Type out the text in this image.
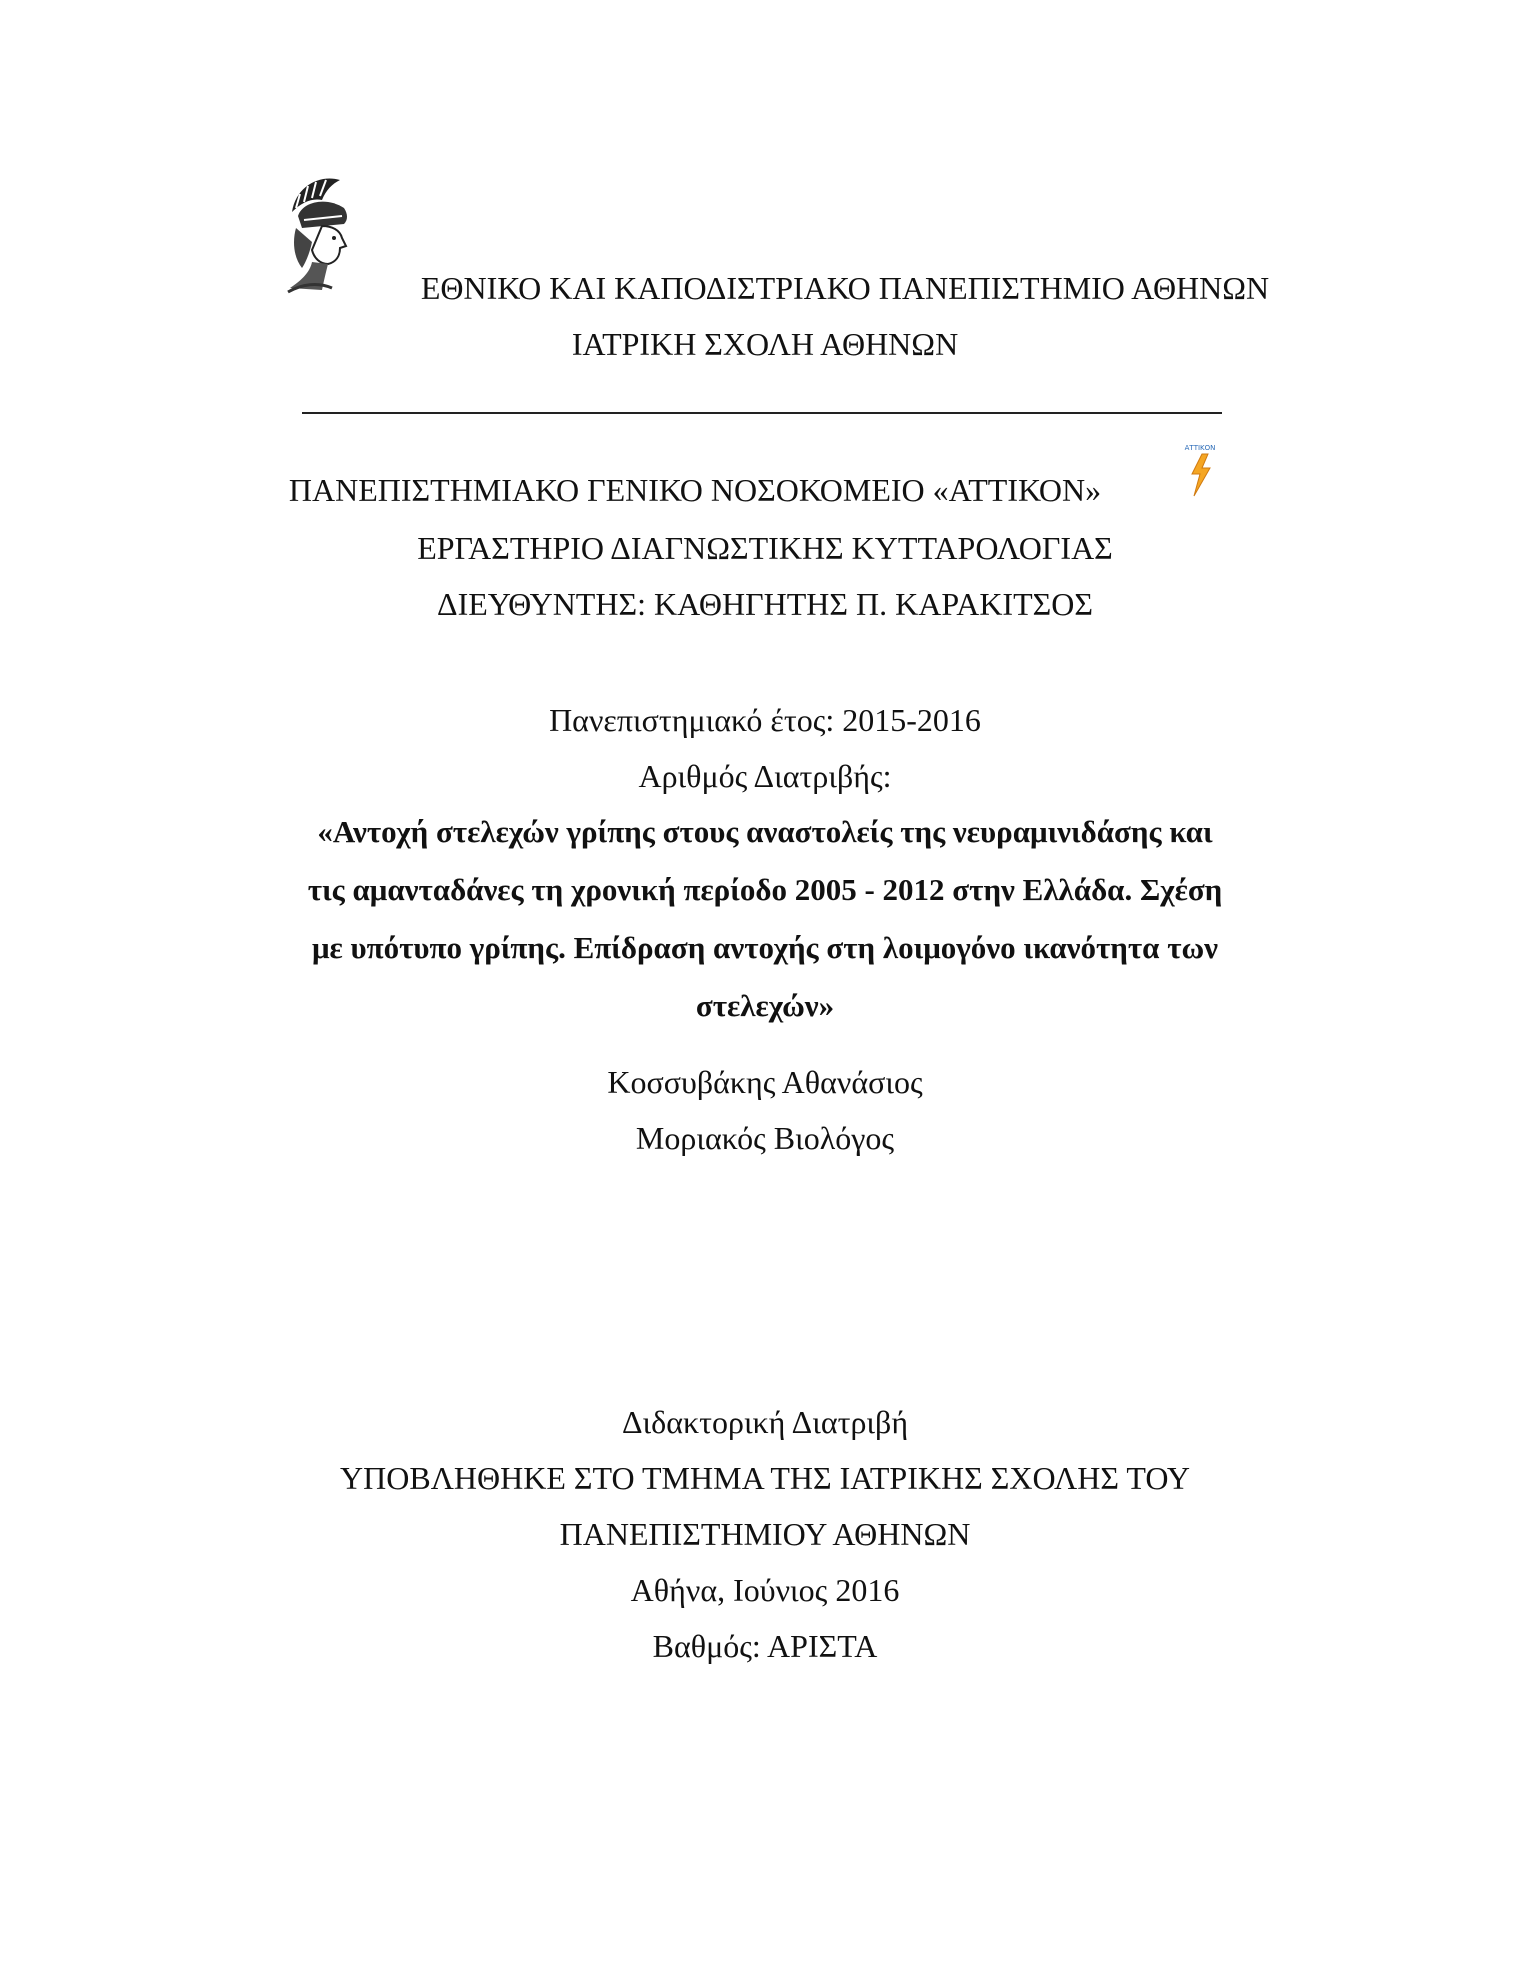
ΕΘΝΙΚΟ ΚΑΙ ΚΑΠΟΔΙΣΤΡΙΑΚΟ ΠΑΝΕΠΙΣΤΗΜΙΟ ΑΘΗΝΩΝ
ΙΑΤΡΙΚΗ ΣΧΟΛΗ ΑΘΗΝΩΝ
ΑΤΤΙΚΟΝ
ΠΑΝΕΠΙΣΤΗΜΙΑΚΟ ΓΕΝΙΚΟ ΝΟΣΟΚΟΜΕΙΟ «ΑΤΤΙΚΟΝ»
ΕΡΓΑΣΤΗΡΙΟ ΔΙΑΓΝΩΣΤΙΚΗΣ ΚΥΤΤΑΡΟΛΟΓΙΑΣ
ΔΙΕΥΘΥΝΤΗΣ: ΚΑΘΗΓΗΤΗΣ Π. ΚΑΡΑΚΙΤΣΟΣ
Πανεπιστημιακό έτος: 2015-2016
Αριθμός Διατριβής:
«Αντοχή στελεχών γρίπης στους αναστολείς της νευραμινιδάσης και
τις αμανταδάνες τη χρονική περίοδο 2005 - 2012 στην Ελλάδα. Σχέση
με υπότυπο γρίπης. Επίδραση αντοχής στη λοιμογόνο ικανότητα των
στελεχών»
Κοσσυβάκης Αθανάσιος
Μοριακός Βιολόγος
Διδακτορική Διατριβή
ΥΠΟΒΛΗΘΗΚΕ ΣΤΟ ΤΜΗΜΑ ΤΗΣ ΙΑΤΡΙΚΗΣ ΣΧΟΛΗΣ ΤΟΥ
ΠΑΝΕΠΙΣΤΗΜΙΟΥ ΑΘΗΝΩΝ
Αθήνα, Ιούνιος 2016
Βαθμός: ΑΡΙΣΤΑ
